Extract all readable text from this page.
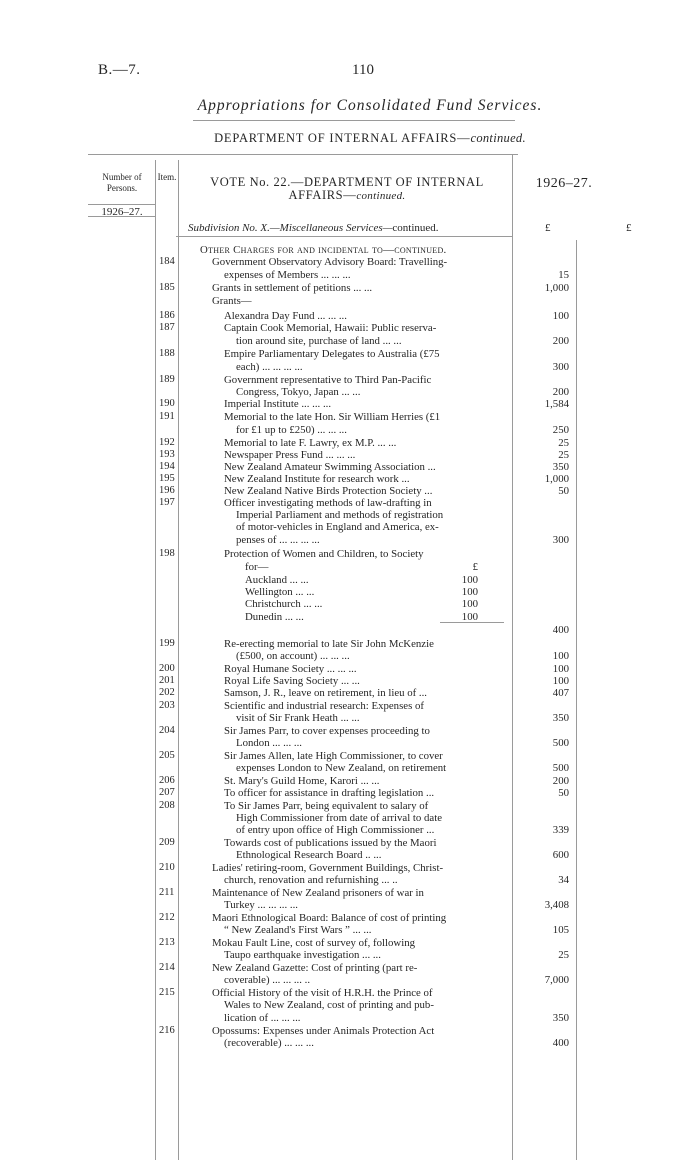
B.—7.	110
Appropriations for Consolidated Fund Services.
DEPARTMENT OF INTERNAL AFFAIRS—continued.
Number of Persons.
Item.	VOTE No. 22.—DEPARTMENT OF INTERNAL
AFFAIRS—continued.
1926–27.
1926–27.
Subdivision No. X.—Miscellaneous Services—continued.	£	£
Other Charges for and incidental to—continued.
184	Government Observatory Advisory Board: Travelling-
expenses of Members ... ... ...	15
185	Grants in settlement of petitions ... ...	1,000
Grants—
186	Alexandra Day Fund ... ... ...	100
187	Captain Cook Memorial, Hawaii: Public reserva-
tion around site, purchase of land ... ...	200
188	Empire Parliamentary Delegates to Australia (£75
each) ... ... ... ...	300
189	Government representative to Third Pan-Pacific
Congress, Tokyo, Japan ... ...	200
190	Imperial Institute ... ... ...	1,584
191	Memorial to the late Hon. Sir William Herries (£1
for £1 up to £250) ... ... ...	250
192	Memorial to late F. Lawry, ex M.P. ... ...	25
193	Newspaper Press Fund ... ... ...	25
194	New Zealand Amateur Swimming Association ...	350
195	New Zealand Institute for research work ...	1,000
196	New Zealand Native Birds Protection Society ...	50
197	Officer investigating methods of law-drafting in
Imperial Parliament and methods of registration
of motor-vehicles in England and America, ex-
penses of ... ... ... ...	300
198	Protection of Women and Children, to Society
for—	£
Auckland ... ...	100
Wellington ... ...	100
Christchurch ... ...	100
Dunedin ... ...	100
400
199	Re-erecting memorial to late Sir John McKenzie
(£500, on account) ... ... ...	100
200	Royal Humane Society ... ... ...	100
201	Royal Life Saving Society ... ...	100
202	Samson, J. R., leave on retirement, in lieu of ...	407
203	Scientific and industrial research: Expenses of
visit of Sir Frank Heath ... ...	350
204	Sir James Parr, to cover expenses proceeding to
London ... ... ...	500
205	Sir James Allen, late High Commissioner, to cover
expenses London to New Zealand, on retirement	500
206	St. Mary's Guild Home, Karori ... ...	200
207	To officer for assistance in drafting legislation ...	50
208	To Sir James Parr, being equivalent to salary of
High Commissioner from date of arrival to date
of entry upon office of High Commissioner ...	339
209	Towards cost of publications issued by the Maori
Ethnological Research Board .. ...	600
210	Ladies' retiring-room, Government Buildings, Christ-
church, renovation and refurnishing ... ..	34
211	Maintenance of New Zealand prisoners of war in
Turkey ... ... ... ...	3,408
212	Maori Ethnological Board: Balance of cost of printing
“ New Zealand's First Wars ” ... ...	105
213	Mokau Fault Line, cost of survey of, following
Taupo earthquake investigation ... ...	25
214	New Zealand Gazette: Cost of printing (part re-
coverable) ... ... ... ..	7,000
215	Official History of the visit of H.R.H. the Prince of
Wales to New Zealand, cost of printing and pub-
lication of ... ... ...	350
216	Opossums: Expenses under Animals Protection Act
(recoverable) ... ... ...	400
